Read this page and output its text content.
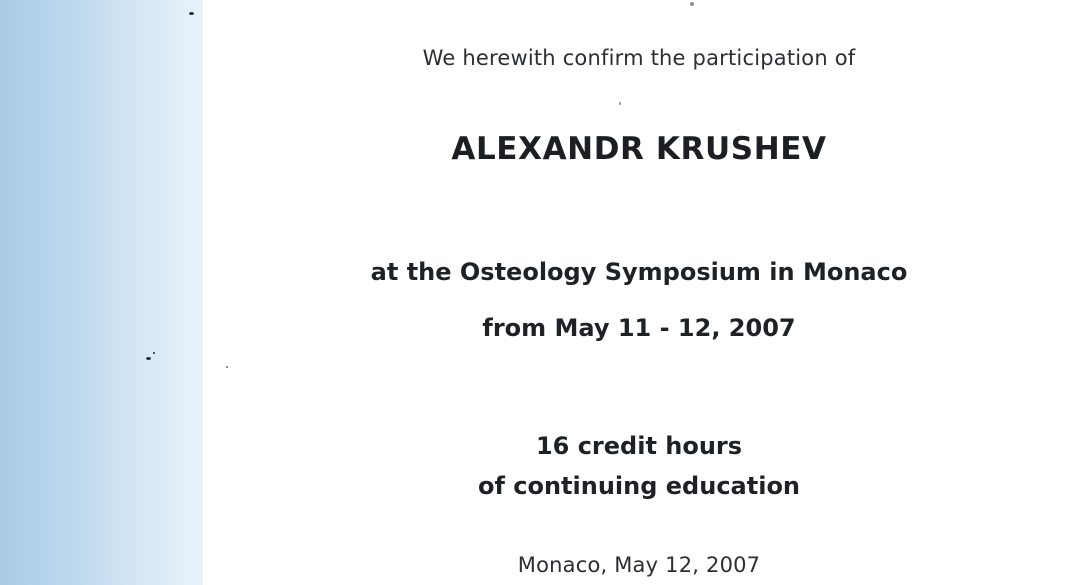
We herewith confirm the participation of
ALEXANDR KRUSHEV
at the Osteology Symposium in Monaco
from May 11 - 12, 2007
16 credit hours
of continuing education
Monaco, May 12, 2007
